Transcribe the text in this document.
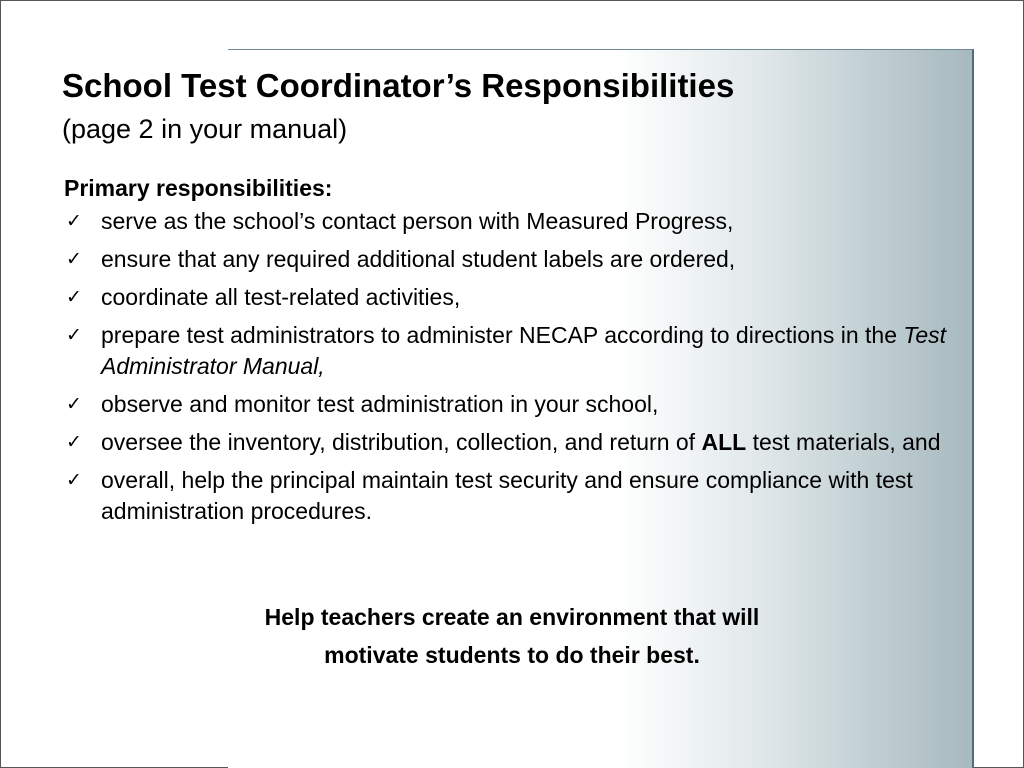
School Test Coordinator’s Responsibilities
(page 2 in your manual)
Primary responsibilities:
✓ serve as the school’s contact person with Measured Progress,
✓ ensure that any required additional student labels are ordered,
✓ coordinate all test-related activities,
✓ prepare test administrators to administer NECAP according to directions in the Test Administrator Manual,
✓ observe and monitor test administration in your school,
✓ oversee the inventory, distribution, collection, and return of ALL test materials, and
✓ overall, help the principal maintain test security and ensure compliance with test administration procedures.
Help teachers create an environment that will
motivate students to do their best.
